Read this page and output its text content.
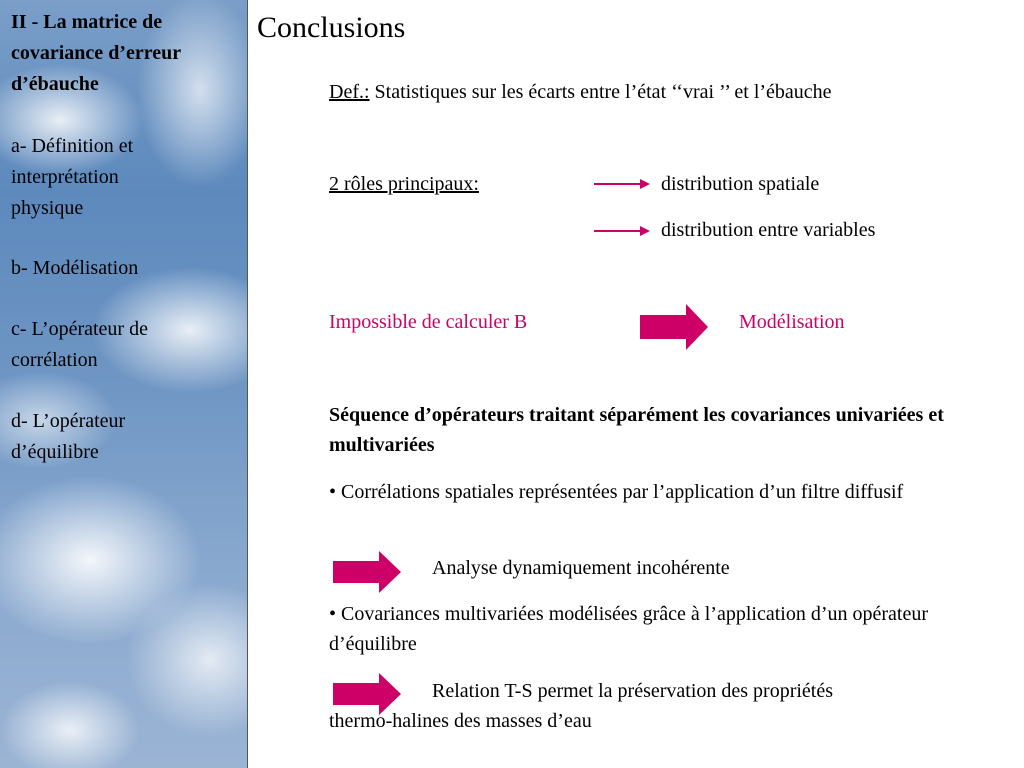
II - La matrice de
covariance d’erreur
d’ébauche
a- Définition et
interprétation
physique
b- Modélisation
c- L’opérateur de
corrélation
d- L’opérateur
d’équilibre
Conclusions
Def.: Statistiques sur les écarts entre l’état ‘‘vrai ’’ et l’ébauche
2 rôles principaux:	distribution spatiale
distribution entre variables
Impossible de calculer B	Modélisation
Séquence d’opérateurs traitant séparément les covariances univariées et multivariées
• Corrélations spatiales représentées par l’application d’un filtre diffusif
Analyse dynamiquement incohérente
• Covariances multivariées modélisées grâce à l’application d’un opérateur d’équilibre
Relation T-S permet la préservation des propriétés
thermo-halines des masses d’eau
